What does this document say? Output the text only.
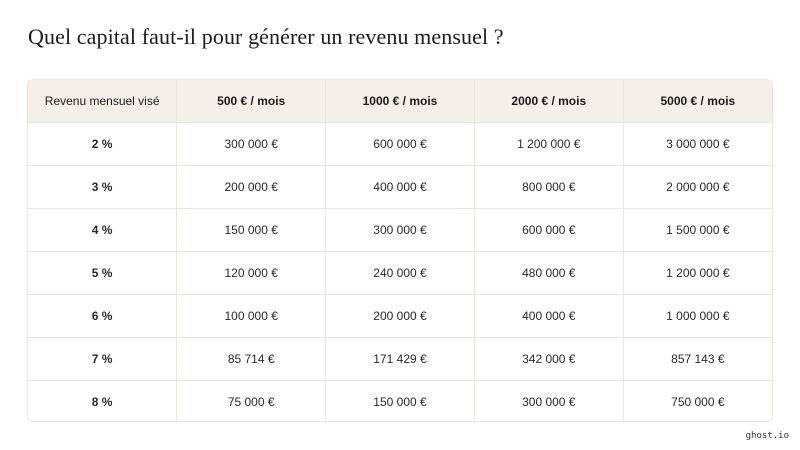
Quel capital faut-il pour générer un revenu mensuel ?
Revenu mensuel visé	500 € / mois	1000 € / mois	2000 € / mois	5000 € / mois
2 %	300 000 €	600 000 €	1 200 000 €	3 000 000 €
3 %	200 000 €	400 000 €	800 000 €	2 000 000 €
4 %	150 000 €	300 000 €	600 000 €	1 500 000 €
5 %	120 000 €	240 000 €	480 000 €	1 200 000 €
6 %	100 000 €	200 000 €	400 000 €	1 000 000 €
7 %	85 714 €	171 429 €	342 000 €	857 143 €
8 %	75 000 €	150 000 €	300 000 €	750 000 €
ghost.io
